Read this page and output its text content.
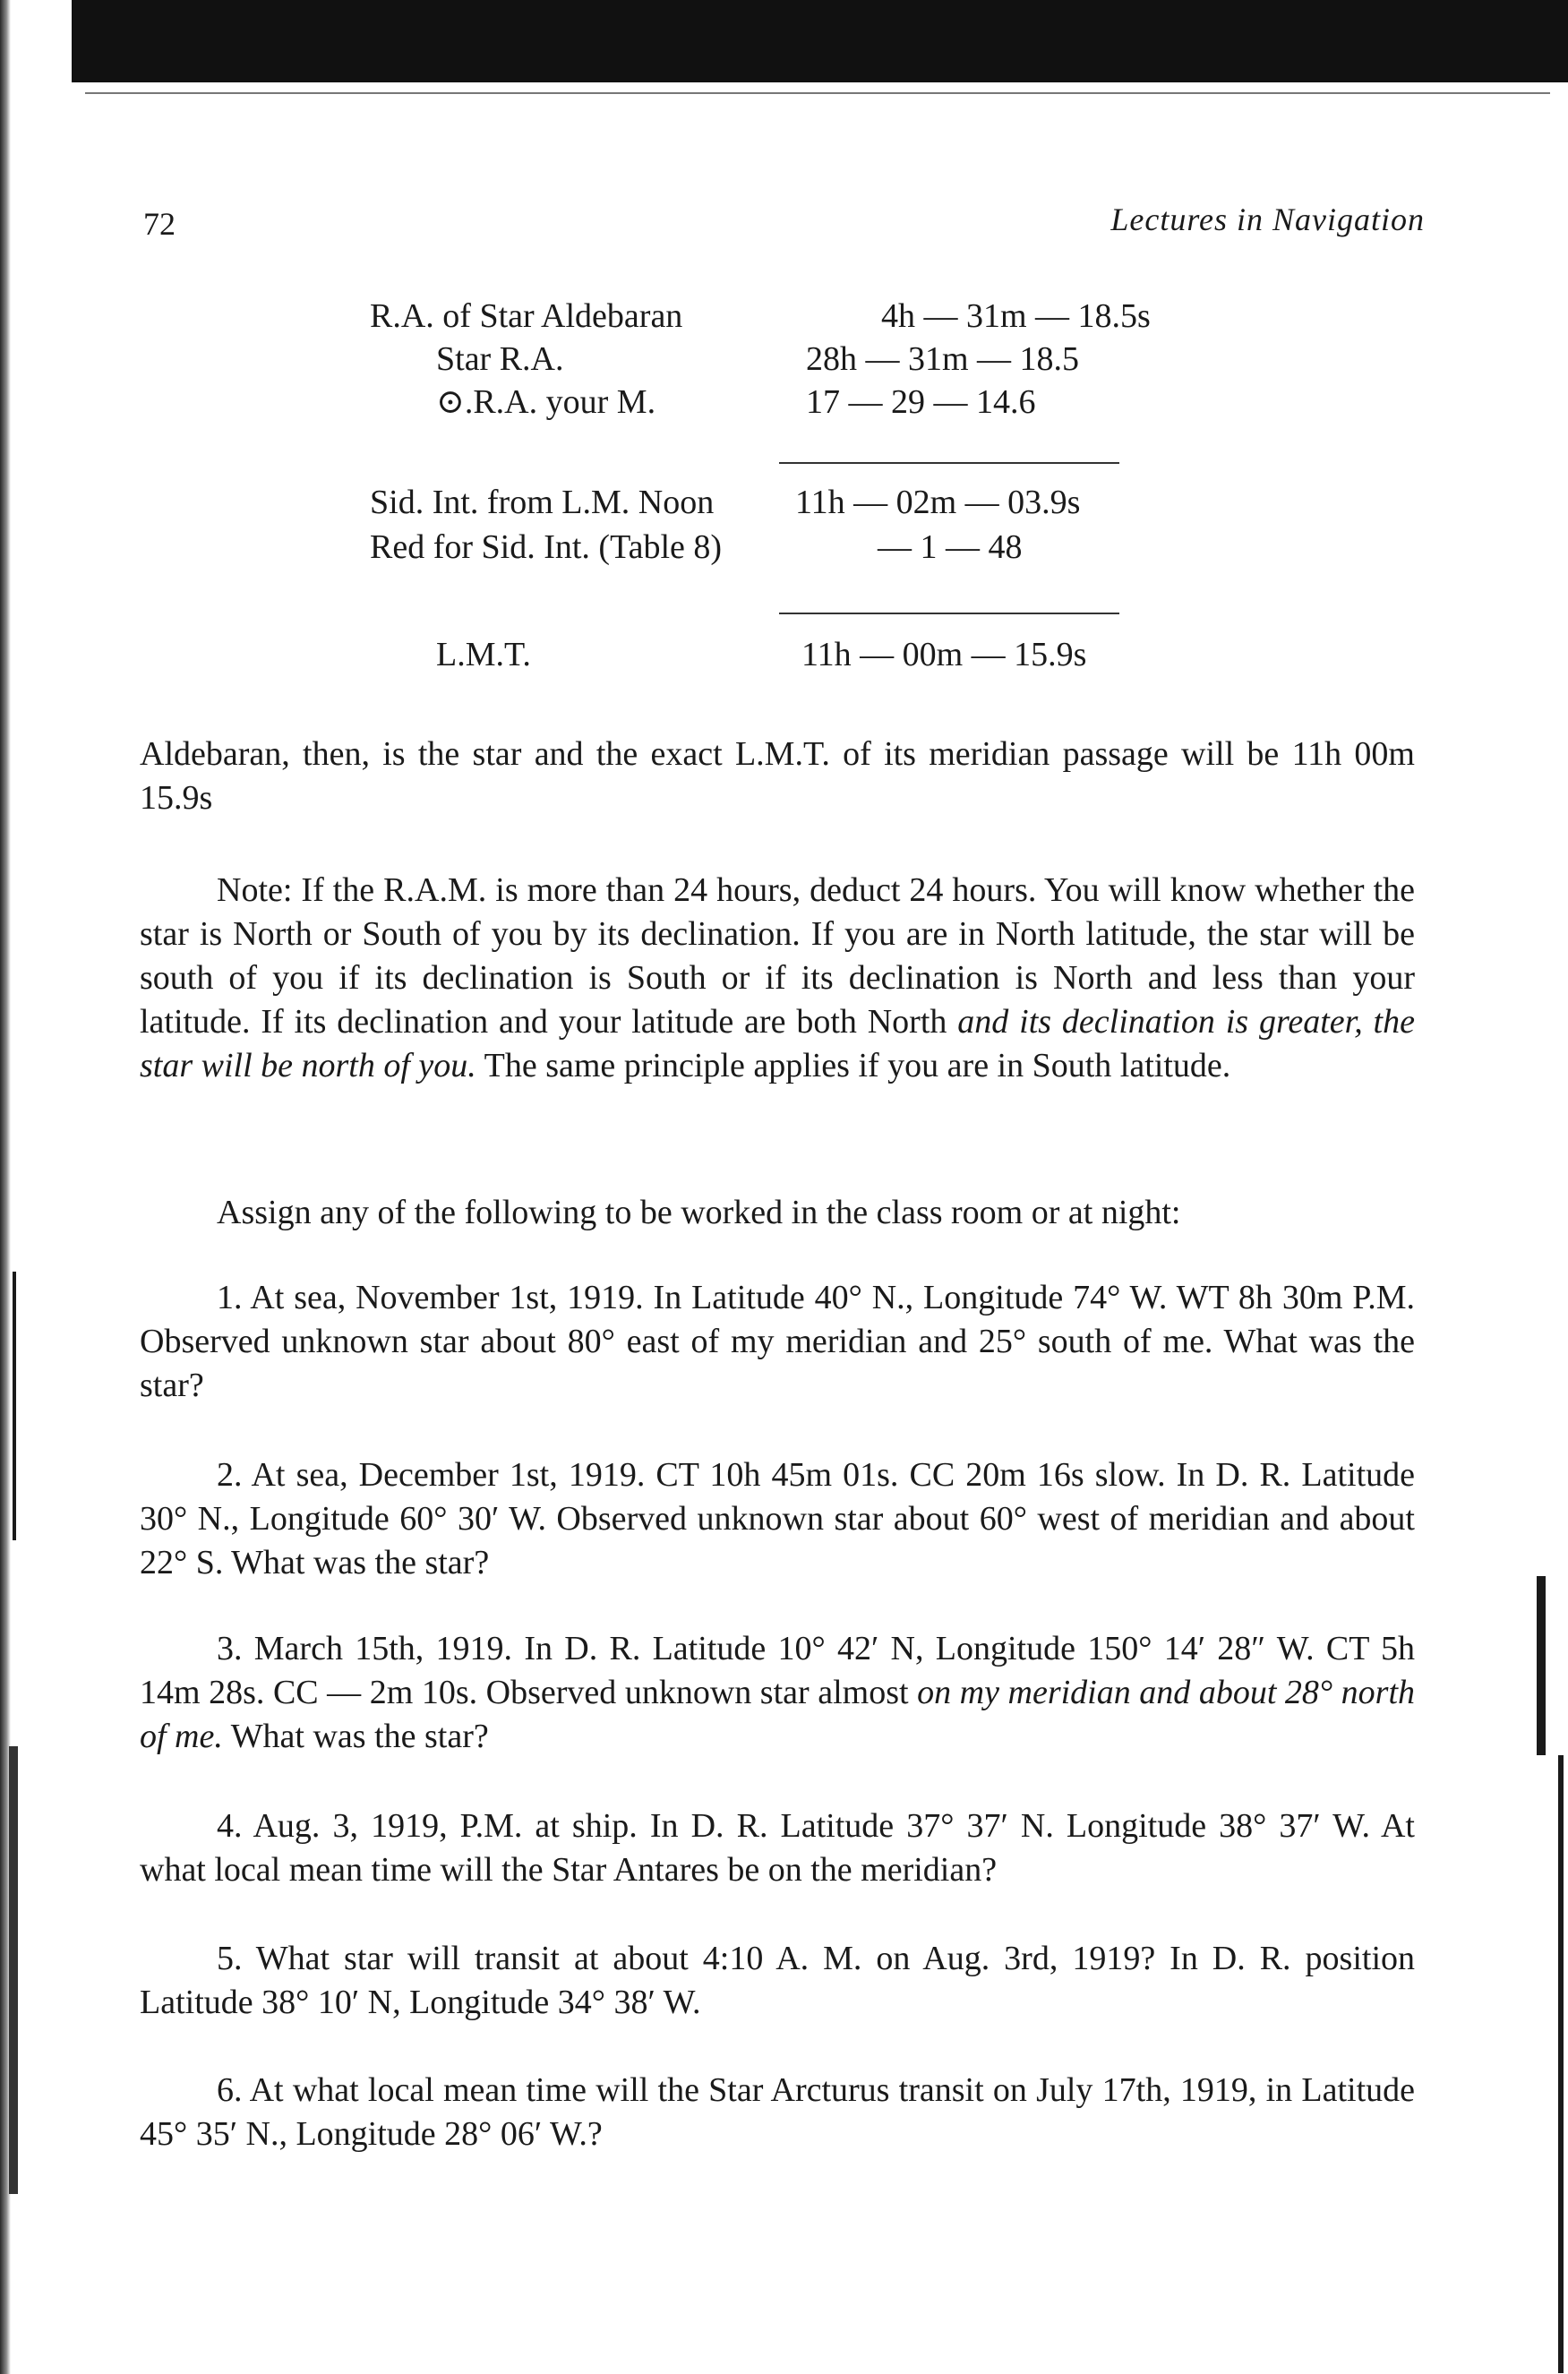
72	Lectures in Navigation
R.A. of Star Aldebaran	4h — 31m — 18.5s
Star R.A.	28h — 31m — 18.5
⊙.R.A. your M.	17 — 29 — 14.6
Sid. Int. from L.M. Noon 11h — 02m — 03.9s
Red for Sid. Int. (Table 8)	— 1 — 48
L.M.T.	11h — 00m — 15.9s

Aldebaran, then, is the star and the exact L.M.T. of its meridian passage will be 11h 00m 15.9s

Note: If the R.A.M. is more than 24 hours, deduct 24 hours. You will know whether the star is North or South of you by its declination. If you are in North latitude, the star will be south of you if its declination is South or if its declination is North and less than your latitude. If its declination and your latitude are both North and its declination is greater, the star will be north of you. The same principle applies if you are in South latitude.

Assign any of the following to be worked in the class room or at night:

1. At sea, November 1st, 1919. In Latitude 40° N., Longitude 74° W. WT 8h 30m P.M. Observed unknown star about 80° east of my meridian and 25° south of me. What was the star?

2. At sea, December 1st, 1919. CT 10h 45m 01s. CC 20m 16s slow. In D. R. Latitude 30° N., Longitude 60° 30′ W. Observed unknown star about 60° west of meridian and about 22° S. What was the star?

3. March 15th, 1919. In D. R. Latitude 10° 42′ N, Longitude 150° 14′ 28″ W. CT 5h 14m 28s. CC — 2m 10s. Observed unknown star almost on my meridian and about 28° north of me. What was the star?

4. Aug. 3, 1919, P.M. at ship. In D. R. Latitude 37° 37′ N. Longitude 38° 37′ W. At what local mean time will the Star Antares be on the meridian?

5. What star will transit at about 4:10 A. M. on Aug. 3rd, 1919? In D. R. position Latitude 38° 10′ N, Longitude 34° 38′ W.

6. At what local mean time will the Star Arcturus transit on July 17th, 1919, in Latitude 45° 35′ N., Longitude 28° 06′ W.?
